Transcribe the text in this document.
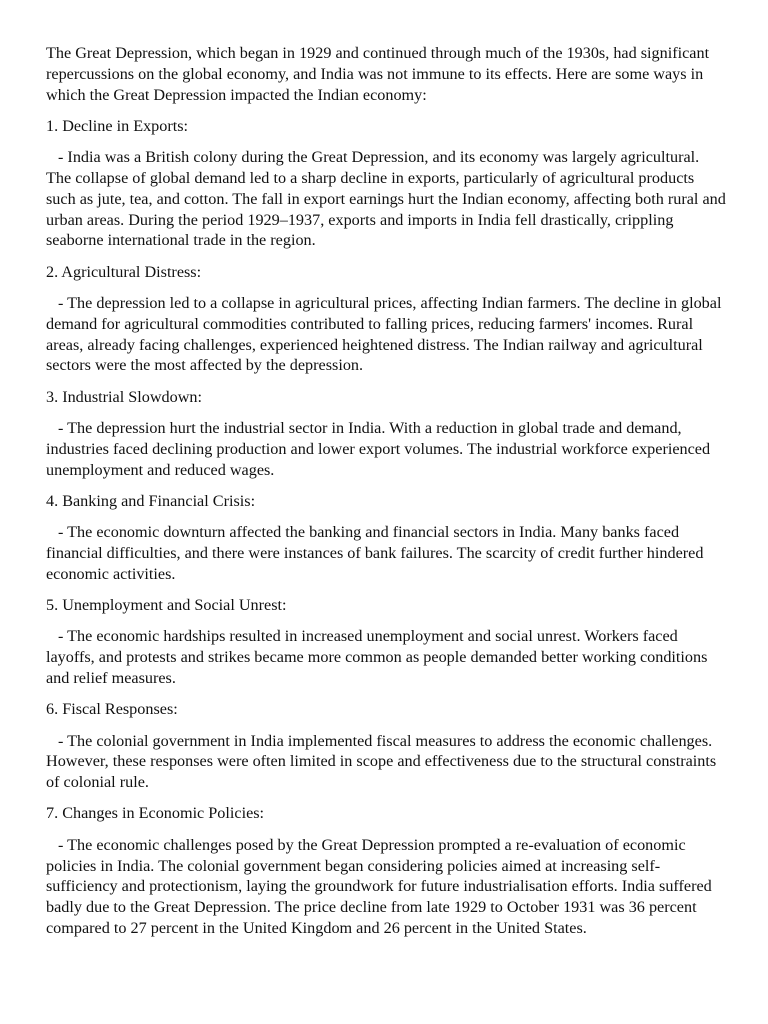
The Great Depression, which began in 1929 and continued through much of the 1930s, had significant repercussions on the global economy, and India was not immune to its effects. Here are some ways in which the Great Depression impacted the Indian economy:

1. Decline in Exports:

- India was a British colony during the Great Depression, and its economy was largely agricultural. The collapse of global demand led to a sharp decline in exports, particularly of agricultural products such as jute, tea, and cotton. The fall in export earnings hurt the Indian economy, affecting both rural and urban areas. During the period 1929–1937, exports and imports in India fell drastically, crippling seaborne international trade in the region.

2. Agricultural Distress:

- The depression led to a collapse in agricultural prices, affecting Indian farmers. The decline in global demand for agricultural commodities contributed to falling prices, reducing farmers' incomes. Rural areas, already facing challenges, experienced heightened distress. The Indian railway and agricultural sectors were the most affected by the depression.

3. Industrial Slowdown:

- The depression hurt the industrial sector in India. With a reduction in global trade and demand, industries faced declining production and lower export volumes. The industrial workforce experienced unemployment and reduced wages.

4. Banking and Financial Crisis:

- The economic downturn affected the banking and financial sectors in India. Many banks faced financial difficulties, and there were instances of bank failures. The scarcity of credit further hindered economic activities.

5. Unemployment and Social Unrest:

- The economic hardships resulted in increased unemployment and social unrest. Workers faced layoffs, and protests and strikes became more common as people demanded better working conditions and relief measures.

6. Fiscal Responses:

- The colonial government in India implemented fiscal measures to address the economic challenges. However, these responses were often limited in scope and effectiveness due to the structural constraints of colonial rule.

7. Changes in Economic Policies:

- The economic challenges posed by the Great Depression prompted a re-evaluation of economic policies in India. The colonial government began considering policies aimed at increasing self-sufficiency and protectionism, laying the groundwork for future industrialisation efforts. India suffered badly due to the Great Depression. The price decline from late 1929 to October 1931 was 36 percent compared to 27 percent in the United Kingdom and 26 percent in the United States.
